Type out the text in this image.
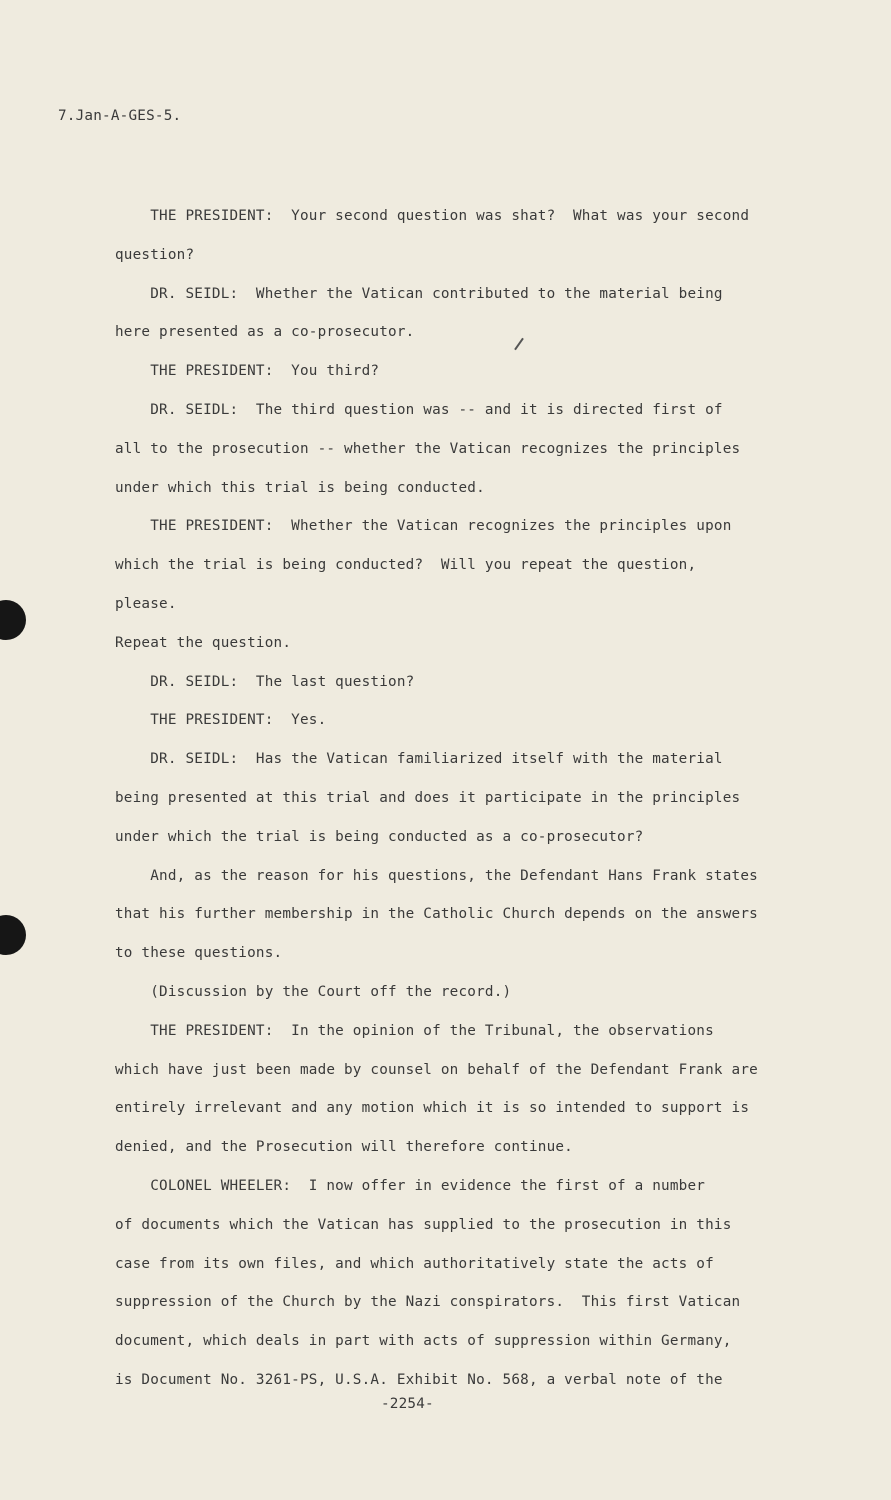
7.Jan-A-GES-5.

THE PRESIDENT:  Your second question was shat?  What was your second

question?

DR. SEIDL:  Whether the Vatican contributed to the material being

here presented as a co-prosecutor.

THE PRESIDENT:  You third?

DR. SEIDL:  The third question was -- and it is directed first of

all to the prosecution -- whether the Vatican recognizes the principles

under which this trial is being conducted.

THE PRESIDENT:  Whether the Vatican recognizes the principles upon

which the trial is being conducted?  Will you repeat the question,

please.

Repeat the question.

DR. SEIDL:  The last question?

THE PRESIDENT:  Yes.

DR. SEIDL:  Has the Vatican familiarized itself with the material

being presented at this trial and does it participate in the principles

under which the trial is being conducted as a co-prosecutor?

And, as the reason for his questions, the Defendant Hans Frank states

that his further membership in the Catholic Church depends on the answers

to these questions.

(Discussion by the Court off the record.)

THE PRESIDENT:  In the opinion of the Tribunal, the observations

which have just been made by counsel on behalf of the Defendant Frank are

entirely irrelevant and any motion which it is so intended to support is

denied, and the Prosecution will therefore continue.

COLONEL WHEELER:  I now offer in evidence the first of a number

of documents which the Vatican has supplied to the prosecution in this

case from its own files, and which authoritatively state the acts of

suppression of the Church by the Nazi conspirators.  This first Vatican

document, which deals in part with acts of suppression within Germany,

is Document No. 3261-PS, U.S.A. Exhibit No. 568, a verbal note of the

-2254-
